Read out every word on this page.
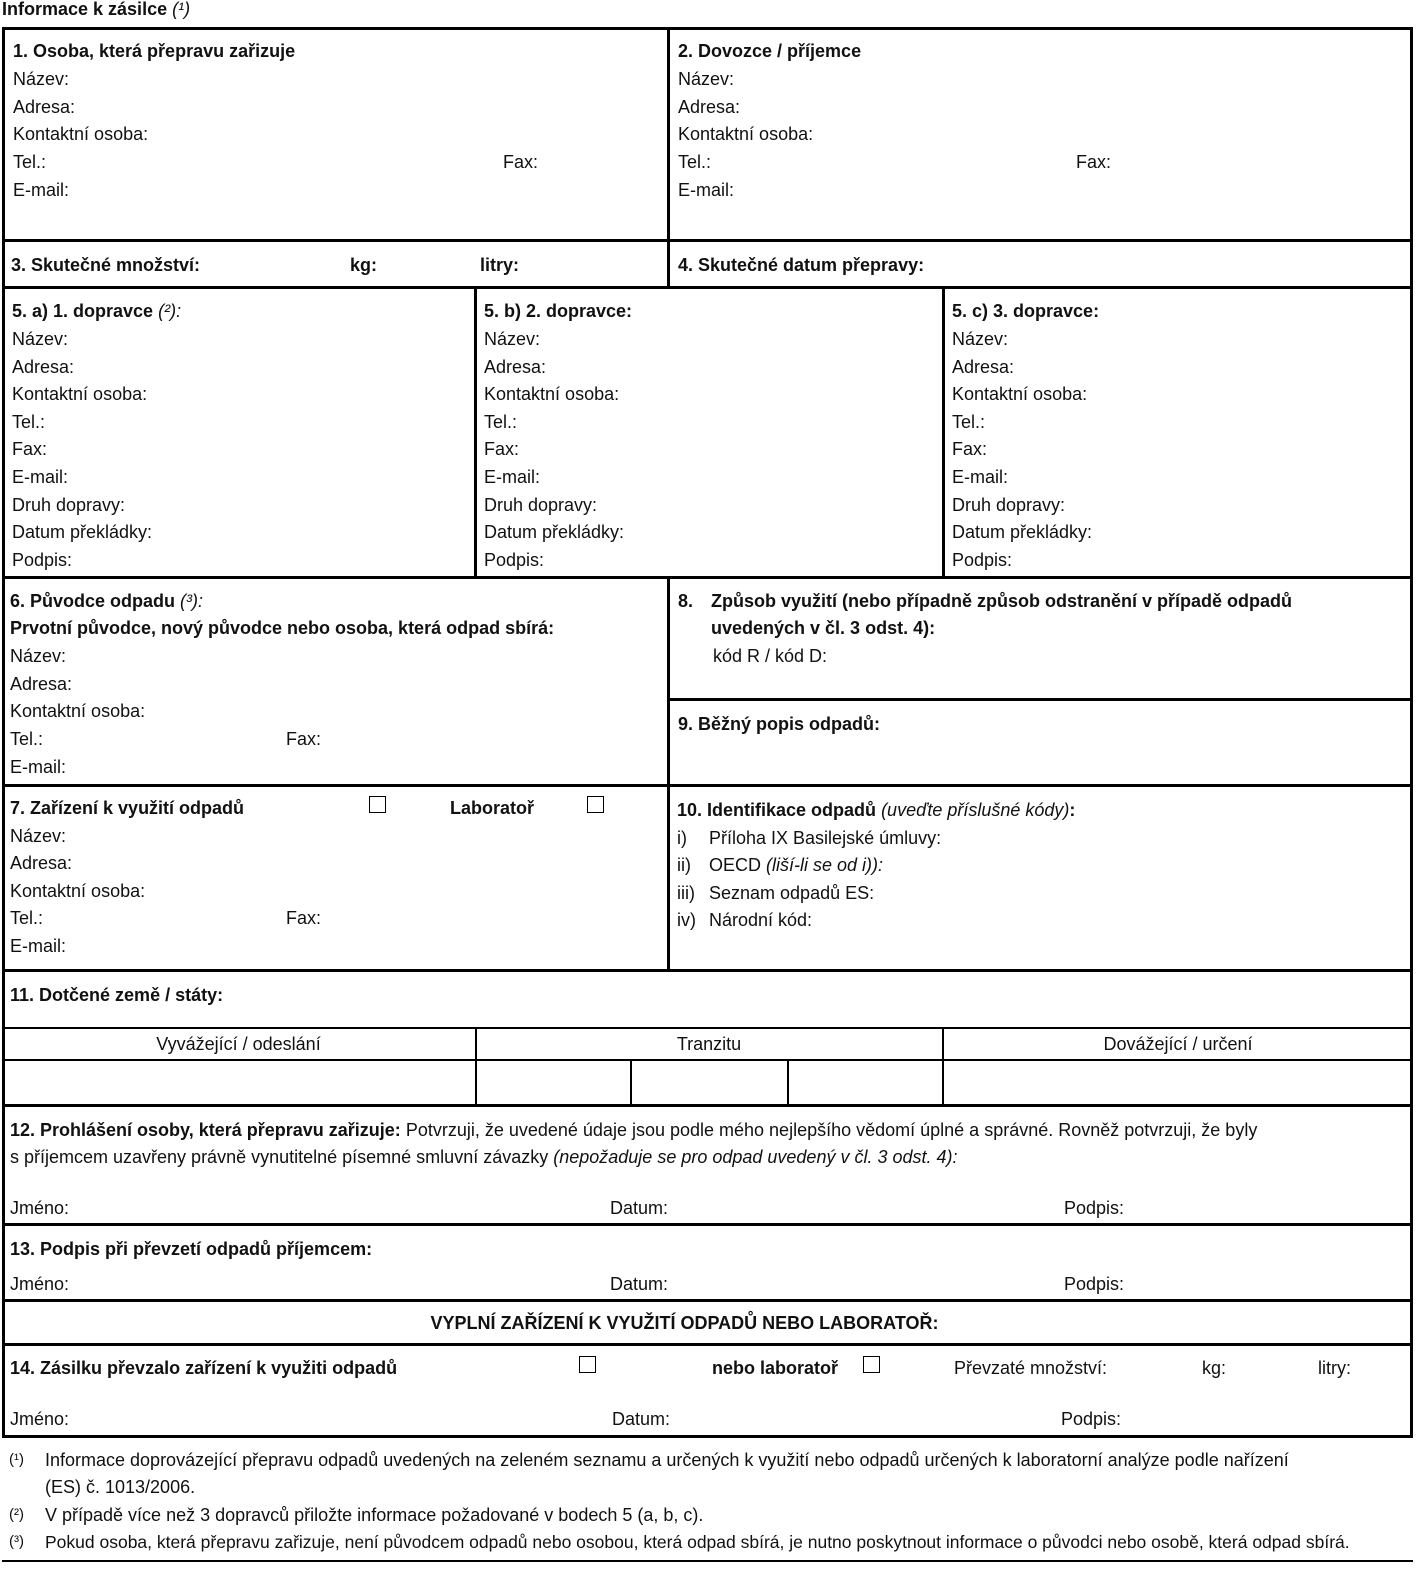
Informace k zásilce (¹)
1. Osoba, která přepravu zařizuje
Název:
Adresa:
Kontaktní osoba:
Tel.:	Fax:
E-mail:
2. Dovozce / příjemce
Název:
Adresa:
Kontaktní osoba:
Tel.:	Fax:
E-mail:
3. Skutečné množství:	kg:	litry:	4. Skutečné datum přepravy:
5. a) 1. dopravce (²):
Název:
Adresa:
Kontaktní osoba:
Tel.:
Fax:
E-mail:
Druh dopravy:
Datum překládky:
Podpis:
5. b) 2. dopravce:
Název:
Adresa:
Kontaktní osoba:
Tel.:
Fax:
E-mail:
Druh dopravy:
Datum překládky:
Podpis:
5. c) 3. dopravce:
Název:
Adresa:
Kontaktní osoba:
Tel.:
Fax:
E-mail:
Druh dopravy:
Datum překládky:
Podpis:
6. Původce odpadu (³):
Prvotní původce, nový původce nebo osoba, která odpad sbírá:
Název:
Adresa:
Kontaktní osoba:
Tel.:	Fax:
E-mail:
8. Způsob využití (nebo případně způsob odstranění v případě odpadů
uvedených v čl. 3 odst. 4):
kód R / kód D:
9. Běžný popis odpadů:
7. Zařízení k využití odpadů	Laboratoř
Název:
Adresa:
Kontaktní osoba:
Tel.:	Fax:
E-mail:
10. Identifikace odpadů (uveďte příslušné kódy):
i) Příloha IX Basilejské úmluvy:
ii) OECD (liší-li se od i)):
iii) Seznam odpadů ES:
iv) Národní kód:
11. Dotčené země / státy:
Vyvážející / odeslání	Tranzitu	Dovážející / určení
12. Prohlášení osoby, která přepravu zařizuje: Potvrzuji, že uvedené údaje jsou podle mého nejlepšího vědomí úplné a správné. Rovněž potvrzuji, že byly
s příjemcem uzavřeny právně vynutitelné písemné smluvní závazky (nepožaduje se pro odpad uvedený v čl. 3 odst. 4):
Jméno:	Datum:	Podpis:
13. Podpis při převzetí odpadů příjemcem:
Jméno:	Datum:	Podpis:
VYPLNÍ ZAŘÍZENÍ K VYUŽITÍ ODPADŮ NEBO LABORATOŘ:
14. Zásilku převzalo zařízení k využiti odpadů	nebo laboratoř	Převzaté množství:	kg:	litry:
Jméno:	Datum:	Podpis:
(¹) Informace doprovázející přepravu odpadů uvedených na zeleném seznamu a určených k využití nebo odpadů určených k laboratorní analýze podle nařízení
(ES) č. 1013/2006.
(²) V případě více než 3 dopravců přiložte informace požadované v bodech 5 (a, b, c).
(³) Pokud osoba, která přepravu zařizuje, není původcem odpadů nebo osobou, která odpad sbírá, je nutno poskytnout informace o původci nebo osobě, která odpad sbírá.
